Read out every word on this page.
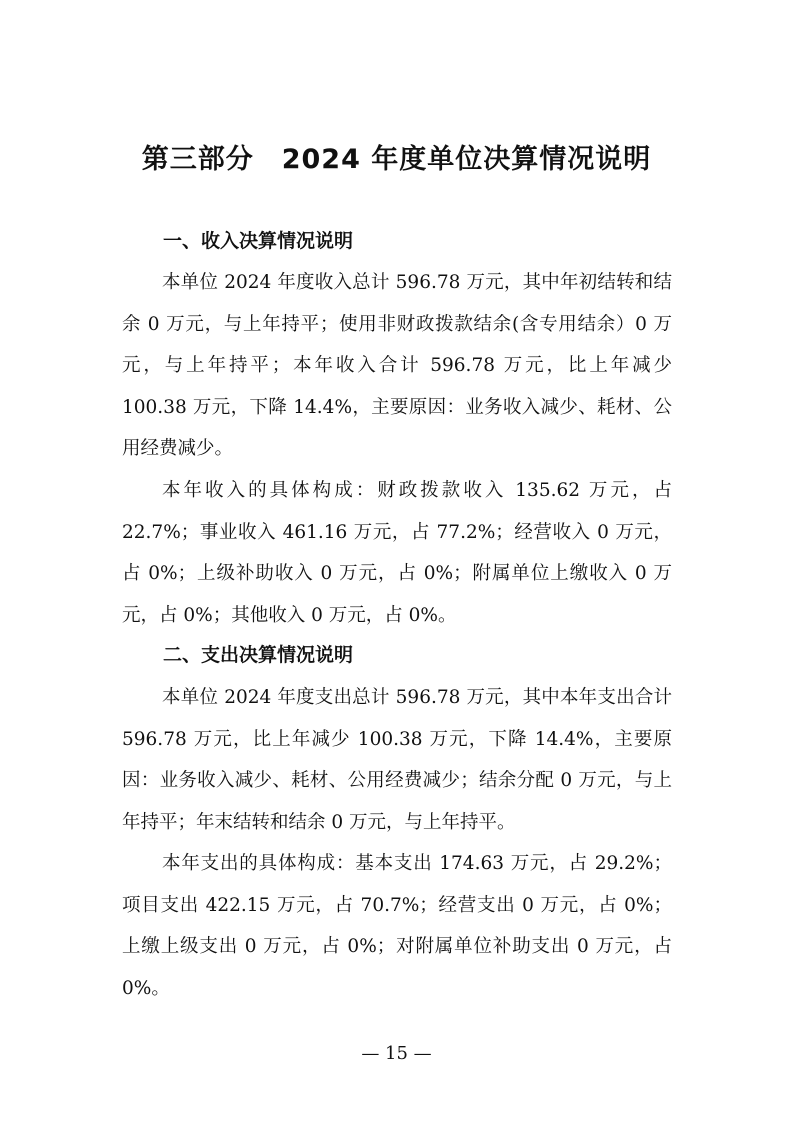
第三部分　2024 年度单位决算情况说明
一、收入决算情况说明

本单位 2024 年度收入总计 596.78 万元，其中年初结转和结余 0 万元，与上年持平；使用非财政拨款结余(含专用结余）0 万元，与上年持平；本年收入合计 596.78 万元，比上年减少 100.38 万元，下降 14.4%，主要原因：业务收入减少、耗材、公用经费减少。

本年收入的具体构成：财政拨款收入 135.62 万元，占 22.7%；事业收入 461.16 万元，占 77.2%；经营收入 0 万元，占 0%；上级补助收入 0 万元，占 0%；附属单位上缴收入 0 万元，占 0%；其他收入 0 万元，占 0%。

二、支出决算情况说明

本单位 2024 年度支出总计 596.78 万元，其中本年支出合计 596.78 万元，比上年减少 100.38 万元，下降 14.4%，主要原因：业务收入减少、耗材、公用经费减少；结余分配 0 万元，与上年持平；年末结转和结余 0 万元，与上年持平。

本年支出的具体构成：基本支出 174.63 万元，占 29.2%；项目支出 422.15 万元，占 70.7%；经营支出 0 万元，占 0%；上缴上级支出 0 万元，占 0%；对附属单位补助支出 0 万元，占 0%。

— 15 —
